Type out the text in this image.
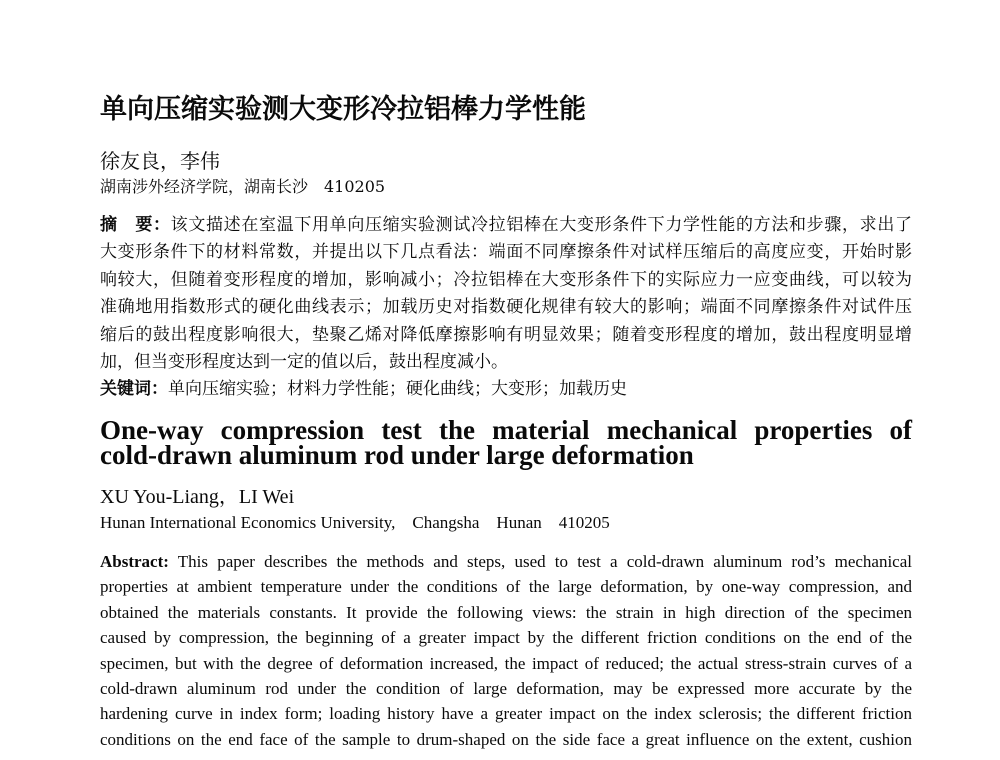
单向压缩实验测大变形冷拉铝棒力学性能
徐友良，李伟
湖南涉外经济学院，湖南长沙　410205
摘　要：该文描述在室温下用单向压缩实验测试冷拉铝棒在大变形条件下力学性能的方法和步骤，求出了
大变形条件下的材料常数，并提出以下几点看法：端面不同摩擦条件对试样压缩后的高度应变，开始时影
响较大，但随着变形程度的增加，影响减小；冷拉铝棒在大变形条件下的实际应力一应变曲线，可以较为
准确地用指数形式的硬化曲线表示；加载历史对指数硬化规律有较大的影响；端面不同摩擦条件对试件压
缩后的鼓出程度影响很大，垫聚乙烯对降低摩擦影响有明显效果；随着变形程度的增加，鼓出程度明显增
加，但当变形程度达到一定的值以后，鼓出程度减小。
关键词：单向压缩实验；材料力学性能；硬化曲线；大变形；加载历史
One-way compression test the material mechanical properties of
cold-drawn aluminum rod under large deformation
XU You-Liang，LI Wei
Hunan International Economics University,　Changsha　Hunan　410205
Abstract: This paper describes the methods and steps, used to test a cold-drawn aluminum rod’s mechanical
properties at ambient temperature under the conditions of the large deformation, by one-way compression, and
obtained the materials constants. It provide the following views: the strain in high direction of the specimen
caused by compression, the beginning of a greater impact by the different friction conditions on the end of the
specimen, but with the degree of deformation increased, the impact of reduced; the actual stress-strain curves of a
cold-drawn aluminum rod under the condition of large deformation, may be expressed more accurate by the
hardening curve in index form; loading history have a greater impact on the index sclerosis; the different friction
conditions on the end face of the sample to drum-shaped on the side face a great influence on the extent, cushion
